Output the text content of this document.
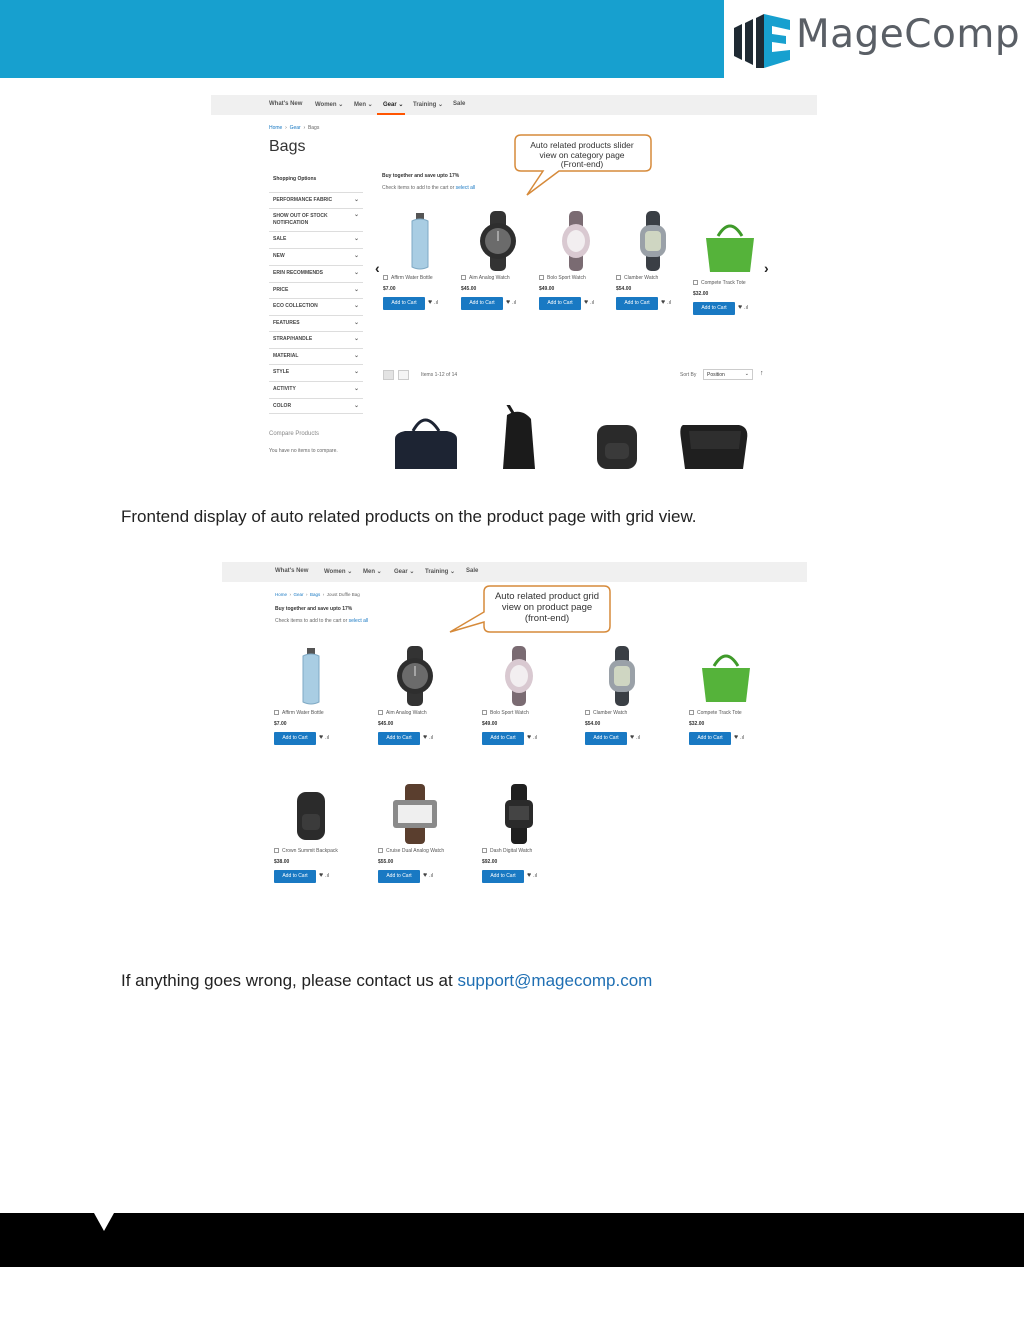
MageComp
What's New Women ⌄ Men ⌄ Gear ⌄ Training ⌄ Sale
Home  ›  Gear  ›  Bags
Bags
Shopping Options
PERFORMANCE FABRIC	⌄
SHOW OUT OF STOCK NOTIFICATION
⌄
SALE	⌄
NEW	⌄
ERIN RECOMMENDS	⌄
PRICE	⌄
ECO COLLECTION	⌄
FEATURES	⌄
STRAP/HANDLE	⌄
MATERIAL	⌄
STYLE	⌄
ACTIVITY	⌄
COLOR	⌄
Compare Products
You have no items to compare.
Buy together and save upto 17%
Check items to add to the cart or select all
Auto related products slider
view on category page
(Front-end)
‹	›
Affirm Water Bottle
$7.00
Add to Cart	♥ .ıl
Aim Analog Watch
$45.00
Add to Cart	♥ .ıl
Bolo Sport Watch
$49.00
Add to Cart	♥ .ıl
Clamber Watch
$54.00
Add to Cart	♥ .ıl
Compete Track Tote
$32.00
Add to Cart	♥ .ıl
Items 1-12 of 14	Sort By	Position	⌄ ↑
Frontend display of auto related products on the product page with grid view.
What's New	Women ⌄ Men ⌄ Gear ⌄ Training ⌄ Sale
Home  ›  Gear  ›  Bags  ›  Joust Duffle Bag
Buy together and save upto 17%
Check items to add to the cart or select all
Auto related product grid
view on product page
(front-end)
Affirm Water Bottle
$7.00
Add to Cart	♥ .ıl
Aim Analog Watch
$45.00
Add to Cart	♥ .ıl
Bolo Sport Watch
$49.00
Add to Cart	♥ .ıl
Clamber Watch
$54.00
Add to Cart	♥ .ıl
Compete Track Tote
$32.00
Add to Cart	♥ .ıl
Crown Summit Backpack
$38.00
Add to Cart	♥ .ıl
Cruise Dual Analog Watch
$55.00
Add to Cart	♥ .ıl
Dash Digital Watch
$92.00
Add to Cart	♥ .ıl
If anything goes wrong, please contact us at support@magecomp.com
